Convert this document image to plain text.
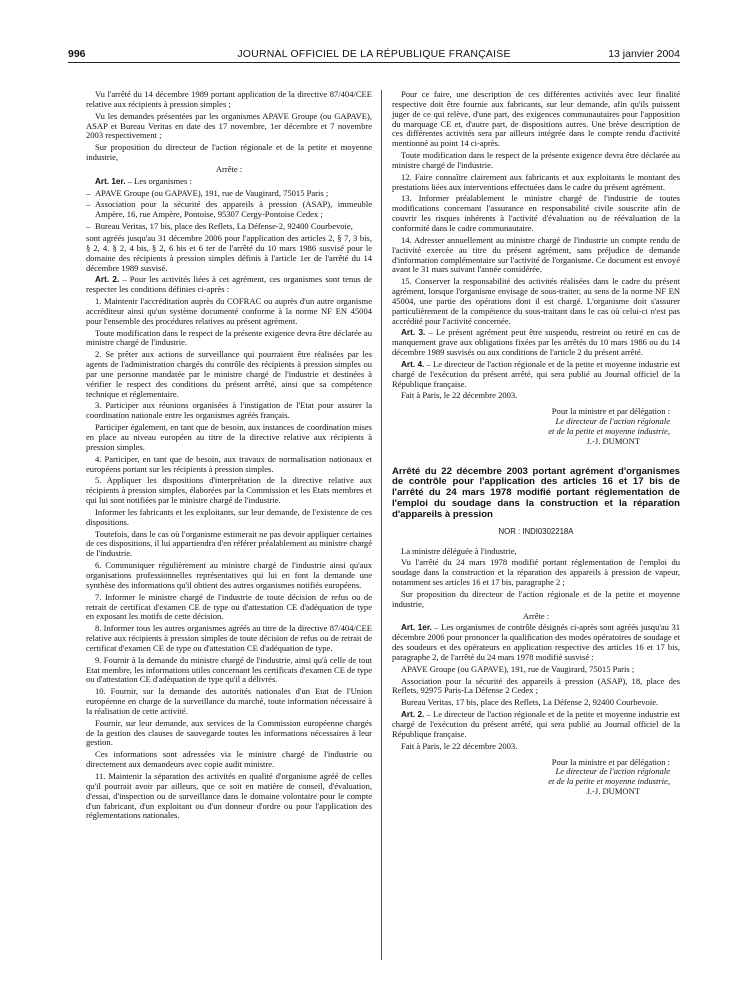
996	JOURNAL OFFICIEL DE LA RÉPUBLIQUE FRANÇAISE	13 janvier 2004

Vu l'arrêté du 14 décembre 1989 portant application de la directive 87/404/CEE relative aux récipients à pression simples ;

Vu les demandes présentées par les organismes APAVE Groupe (ou GAPAVE), ASAP et Bureau Veritas en date des 17 novembre, 1er décembre et 7 novembre 2003 respectivement ;

Sur proposition du directeur de l'action régionale et de la petite et moyenne industrie,

Arrête :

Art. 1er. – Les organismes :

– APAVE Groupe (ou GAPAVE), 191, rue de Vaugirard, 75015 Paris ;

– Association pour la sécurité des appareils à pression (ASAP), immeuble Ampère, 16, rue Ampère, Pontoise, 95307 Cergy-Pontoise Cedex ;

– Bureau Veritas, 17 bis, place des Reflets, La Défense-2, 92400 Courbevoie,

sont agréés jusqu'au 31 décembre 2006 pour l'application des articles 2, § 7, 3 bis, § 2, 4. § 2, 4 bis, § 2, 6 bis et 6 ter de l'arrêté du 10 mars 1986 susvisé pour le domaine des récipients à pression simples définis à l'article 1er de l'arrêté du 14 décembre 1989 susvisé.

Art. 2. – Pour les activités liées à cet agrément, ces organismes sont tenus de respecter les conditions définies ci-après :

1. Maintenir l'accréditation auprès du COFRAC ou auprès d'un autre organisme accréditeur ainsi qu'un système documenté conforme à la norme NF EN 45004 pour l'ensemble des procédures relatives au présent agrément.

Toute modification dans le respect de la présente exigence devra être déclarée au ministre chargé de l'industrie.

2. Se prêter aux actions de surveillance qui pourraient être réalisées par les agents de l'administration chargés du contrôle des récipients à pression simples ou par une personne mandatée par le ministre chargé de l'industrie et destinées à vérifier le respect des conditions du présent arrêté, ainsi que sa compétence technique et réglementaire.

3. Participer aux réunions organisées à l'instigation de l'Etat pour assurer la coordination nationale entre les organismes agréés français.

Participer également, en tant que de besoin, aux instances de coordination mises en place au niveau européen au titre de la directive relative aux récipients à pression simples.

4. Participer, en tant que de besoin, aux travaux de normalisation nationaux et européens portant sur les récipients à pression simples.

5. Appliquer les dispositions d'interprétation de la directive relative aux récipients à pression simples, élaborées par la Commission et les Etats membres et qui lui sont notifiées par le ministre chargé de l'industrie.

Informer les fabricants et les exploitants, sur leur demande, de l'existence de ces dispositions.

Toutefois, dans le cas où l'organisme estimerait ne pas devoir appliquer certaines de ces dispositions, il lui appartiendra d'en référer préalablement au ministre chargé de l'industrie.

6. Communiquer régulièrement au ministre chargé de l'industrie ainsi qu'aux organisations professionnelles représentatives qui lui en font la demande une synthèse des informations qu'il obtient des autres organismes notifiés européens.

7. Informer le ministre chargé de l'industrie de toute décision de refus ou de retrait de certificat d'examen CE de type ou d'attestation CE d'adéquation de type en exposant les motifs de cette décision.

8. Informer tous les autres organismes agréés au titre de la directive 87/404/CEE relative aux récipients à pression simples de toute décision de refus ou de retrait de certificat d'examen CE de type ou d'attestation CE d'adéquation de type.

9. Fournir à la demande du ministre chargé de l'industrie, ainsi qu'à celle de tout Etat membre, les informations utiles concernant les certificats d'examen CE de type ou d'attestation CE d'adéquation de type qu'il a délivrés.

10. Fournir, sur la demande des autorités nationales d'un Etat de l'Union européenne en charge de la surveillance du marché, toute information nécessaire à la réalisation de cette activité.

Fournir, sur leur demande, aux services de la Commission européenne chargés de la gestion des clauses de sauvegarde toutes les informations nécessaires à leur gestion.

Ces informations sont adressées via le ministre chargé de l'industrie ou directement aux demandeurs avec copie audit ministre.

11. Maintenir la séparation des activités en qualité d'organisme agréé de celles qu'il pourrait avoir par ailleurs, que ce soit en matière de conseil, d'évaluation, d'essai, d'inspection ou de surveillance dans le domaine volontaire pour le compte d'un fabricant, d'un exploitant ou d'un donneur d'ordre ou pour l'application des réglementations nationales.

Pour ce faire, une description de ces différentes activités avec leur finalité respective doit être fournie aux fabricants, sur leur demande, afin qu'ils puissent juger de ce qui relève, d'une part, des exigences communautaires pour l'apposition du marquage CE et, d'autre part, de dispositions autres. Une brève description de ces différentes activités sera par ailleurs intégrée dans le compte rendu d'activité mentionné au point 14 ci-après.

Toute modification dans le respect de la présente exigence devra être déclarée au ministre chargé de l'industrie.

12. Faire connaître clairement aux fabricants et aux exploitants le montant des prestations liées aux interventions effectuées dans le cadre du présent agrément.

13. Informer préalablement le ministre chargé de l'industrie de toutes modifications concernant l'assurance en responsabilité civile souscrite afin de couvrir les risques inhérents à l'activité d'évaluation ou de réévaluation de la conformité dans le cadre communautaire.

14. Adresser annuellement au ministre chargé de l'industrie un compte rendu de l'activité exercée au titre du présent agrément, sans préjudice de demande d'information complémentaire sur l'activité de l'organisme. Ce document est envoyé avant le 31 mars suivant l'année considérée.

15. Conserver la responsabilité des activités réalisées dans le cadre du présent agrément, lorsque l'organisme envisage de sous-traiter, au sens de la norme NF EN 45004, une partie des opérations dont il est chargé. L'organisme doit s'assurer particulièrement de la compétence du sous-traitant dans le cas où celui-ci n'est pas accrédité pour l'activité concernée.

Art. 3. – Le présent agrément peut être suspendu, restreint ou retiré en cas de manquement grave aux obligations fixées par les arrêtés du 10 mars 1986 ou du 14 décembre 1989 susvisés ou aux conditions de l'article 2 du présent arrêté.

Art. 4. – Le directeur de l'action régionale et de la petite et moyenne industrie est chargé de l'exécution du présent arrêté, qui sera publié au Journal officiel de la République française.

Fait à Paris, le 22 décembre 2003.

Pour la ministre et par délégation :

Le directeur de l'action régionale

et de la petite et moyenne industrie,

J.-J. DUMONT

Arrêté du 22 décembre 2003 portant agrément d'organismes de contrôle pour l'application des articles 16 et 17 bis de l'arrêté du 24 mars 1978 modifié portant réglementation de l'emploi du soudage dans la construction et la réparation d'appareils à pression

NOR : INDI0302218A

La ministre déléguée à l'industrie,

Vu l'arrêté du 24 mars 1978 modifié portant réglementation de l'emploi du soudage dans la construction et la réparation des appareils à pression de vapeur, notamment ses articles 16 et 17 bis, paragraphe 2 ;

Sur proposition du directeur de l'action régionale et de la petite et moyenne industrie,

Arrête :

Art. 1er. – Les organismes de contrôle désignés ci-après sont agréés jusqu'au 31 décembre 2006 pour prononcer la qualification des modes opératoires de soudage et des soudeurs et des opérateurs en application respective des articles 16 et 17 bis, paragraphe 2, de l'arrêté du 24 mars 1978 modifié susvisé :

APAVE Groupe (ou GAPAVE), 191, rue de Vaugirard, 75015 Paris ;

Association pour la sécurité des appareils à pression (ASAP), 18, place des Reflets, 92975 Paris-La Défense 2 Cedex ;

Bureau Veritas, 17 bis, place des Reflets, La Défense 2, 92400 Courbevoie.

Art. 2. – Le directeur de l'action régionale et de la petite et moyenne industrie est chargé de l'exécution du présent arrêté, qui sera publié au Journal officiel de la République française.

Fait à Paris, le 22 décembre 2003.

Pour la ministre et par délégation :

Le directeur de l'action régionale

et de la petite et moyenne industrie,

J.-J. DUMONT
